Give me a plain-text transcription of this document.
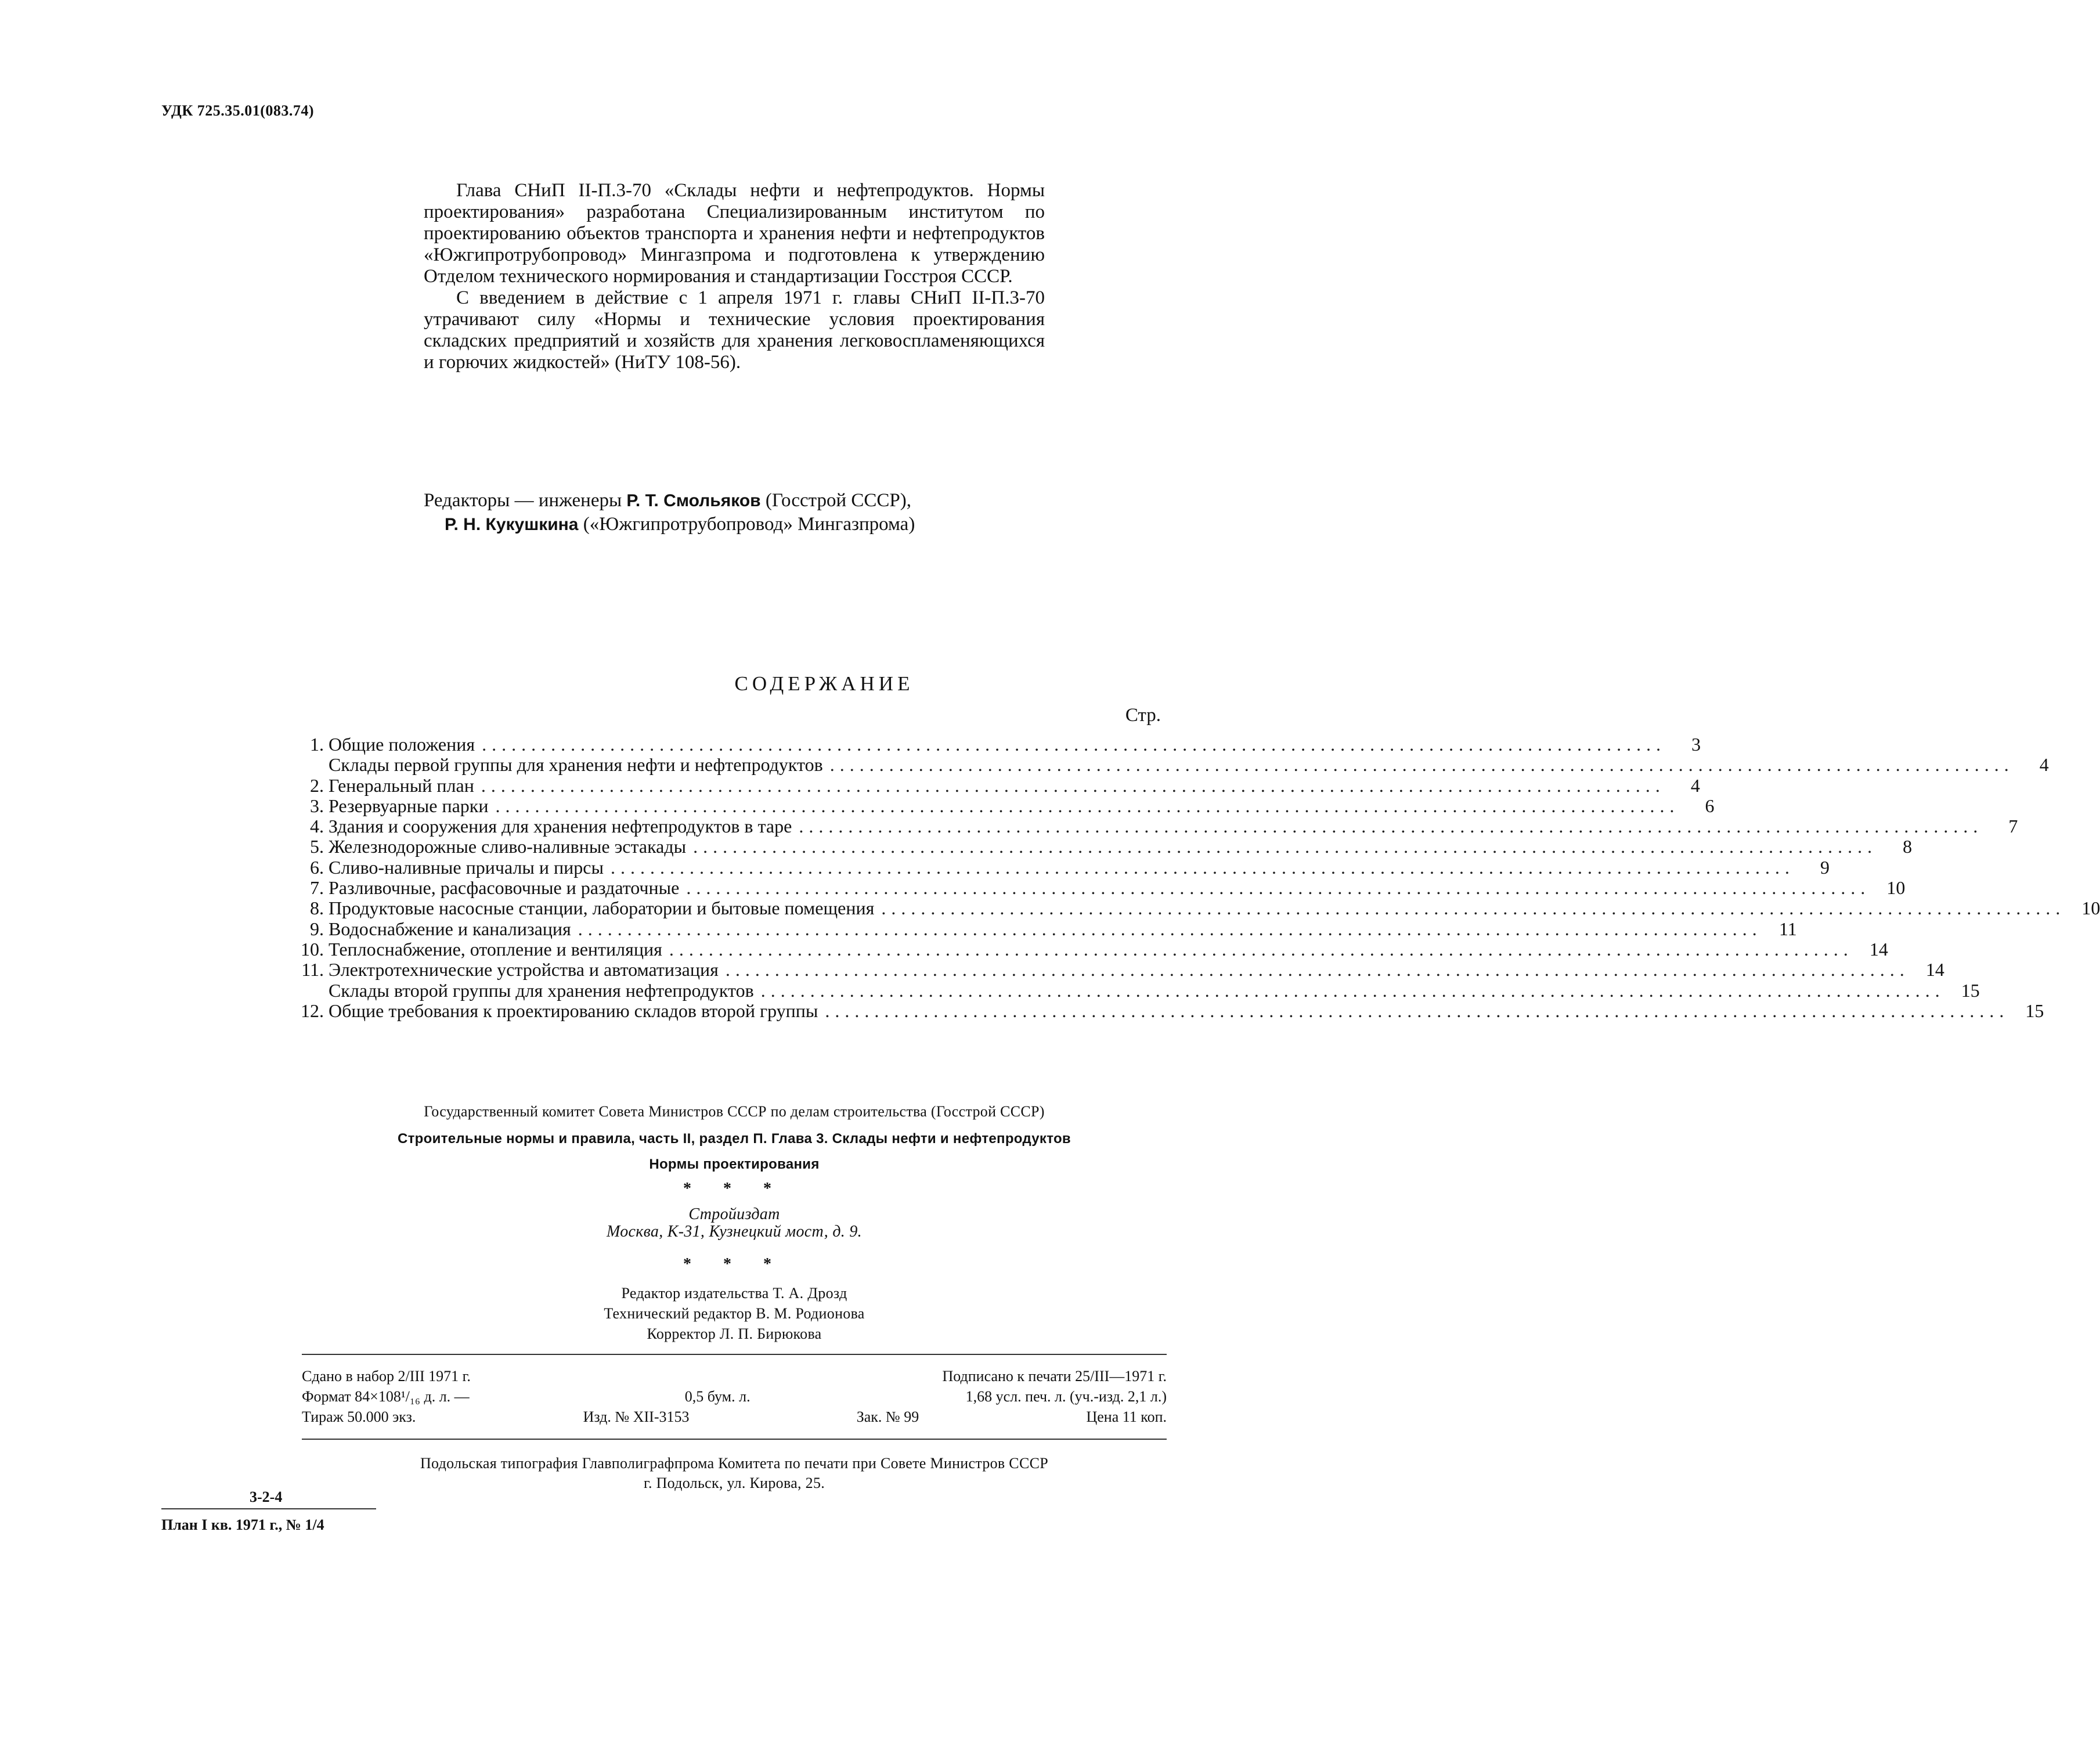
УДК 725.35.01(083.74)

Глава СНиП II-П.3-70 «Склады нефти и нефтепродуктов. Нормы проектирования» разработана Специализированным институтом по проектированию объектов транспорта и хранения нефти и нефтепродуктов «Южгипротрубопровод» Мингазпрома и подготовлена к утверждению Отделом технического нормирования и стандартизации Госстроя СССР.

С введением в действие с 1 апреля 1971 г. главы СНиП II-П.3-70 утрачивают силу «Нормы и технические условия проектирования складских предприятий и хозяйств для хранения легковоспламеняющихся и горючих жидкостей» (НиТУ 108-56).

Редакторы — инженеры Р. Т. Смольяков (Госстрой СССР),
Р. Н. Кукушкина («Южгипротрубопровод» Мингазпрома)
СОДЕРЖАНИЕ
Стр.
1. Общие положения ........................................................................................................................	3
Склады первой группы для хранения нефти и нефтепродуктов ........................................................................................................................	4
2. Генеральный план ........................................................................................................................	4
3. Резервуарные парки ........................................................................................................................	6
4. Здания и сооружения для хранения нефтепродуктов в таре ........................................................................................................................	7
5. Железнодорожные сливо-наливные эстакады ........................................................................................................................	8
6. Сливо-наливные причалы и пирсы ........................................................................................................................	9
7. Разливочные, расфасовочные и раздаточные ........................................................................................................................ 10
8. Продуктовые насосные станции, лаборатории и бытовые помещения ........................................................................................................................ 10
9. Водоснабжение и канализация ........................................................................................................................ 11
10. Теплоснабжение, отопление и вентиляция ........................................................................................................................ 14
11. Электротехнические устройства и автоматизация ........................................................................................................................ 14
Склады второй группы для хранения нефтепродуктов ........................................................................................................................ 15
12. Общие требования к проектированию складов второй группы ........................................................................................................................ 15
Государственный комитет Совета Министров СССР по делам строительства (Госстрой СССР)
Строительные нормы и правила, часть II, раздел П. Глава 3. Склады нефти и нефтепродуктов
Нормы проектирования
* * *
Стройиздат
Москва, К-31, Кузнецкий мост, д. 9.
* * *
Редактор издательства Т. А. Дрозд
Технический редактор В. М. Родионова
Корректор Л. П. Бирюкова
Сдано в набор 2/III 1971 г.	Подписано к печати 25/III—1971 г.
Формат 84×108¹/₁₆ д. л. —	0,5 бум. л.	1,68 усл. печ. л. (уч.-изд. 2,1 л.)
Тираж 50.000 экз.	Изд. № XII-3153	Зак. № 99	Цена 11 коп.
Подольская типография Главполиграфпрома Комитета по печати при Совете Министров СССР
г. Подольск, ул. Кирова, 25.
3-2-4
План I кв. 1971 г., № 1/4
